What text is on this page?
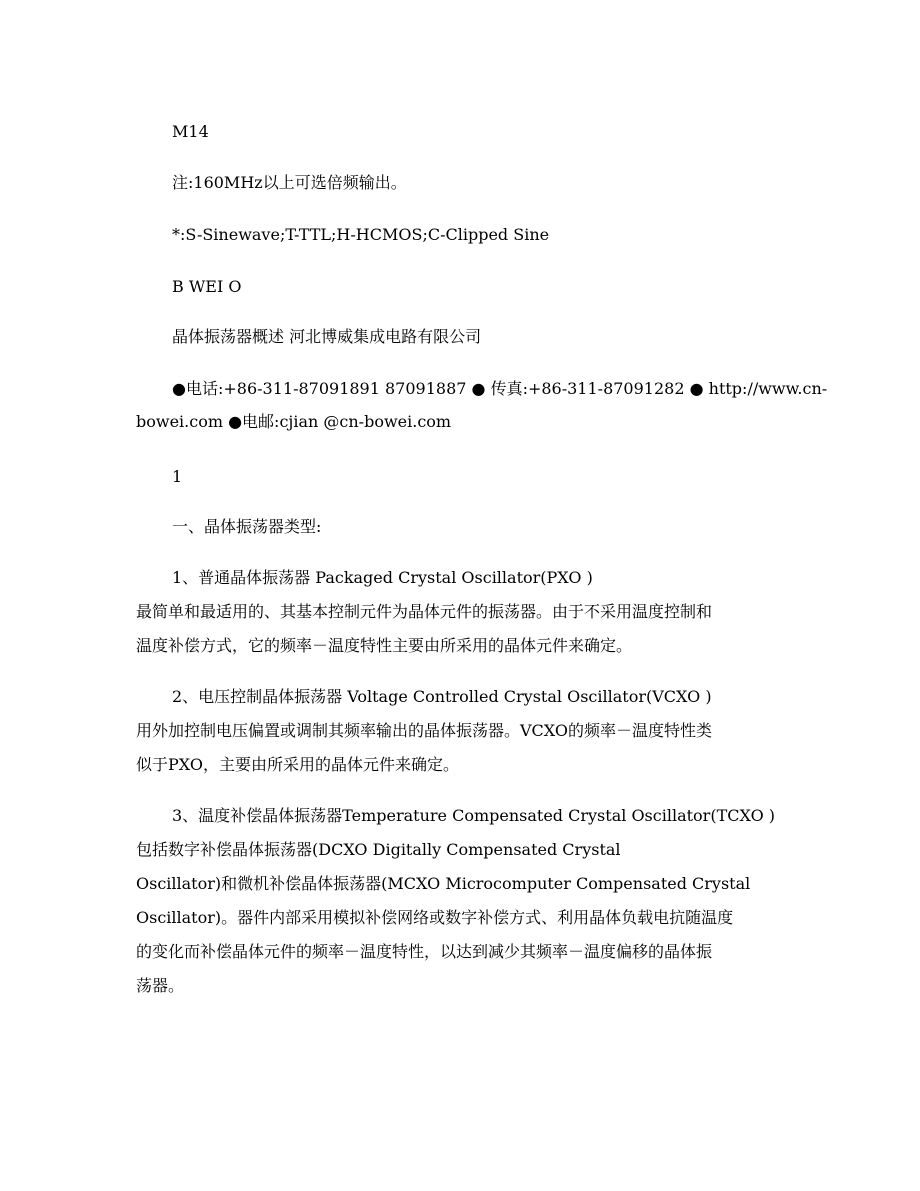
M14
注:160MHz以上可选倍频输出。
*:S-Sinewave;T-TTL;H-HCMOS;C-Clipped Sine
B WEI O
晶体振荡器概述 河北博威集成电路有限公司
●电话:+86-311-87091891 87091887 ● 传真:+86-311-87091282 ● http://www.cn-
bowei.com ●电邮:cjian @cn-bowei.com
1
一、晶体振荡器类型:
1、普通晶体振荡器 Packaged Crystal Oscillator(PXO )
最简单和最适用的、其基本控制元件为晶体元件的振荡器。由于不采用温度控制和
温度补偿方式，它的频率－温度特性主要由所采用的晶体元件来确定。
2、电压控制晶体振荡器 Voltage Controlled Crystal Oscillator(VCXO )
用外加控制电压偏置或调制其频率输出的晶体振荡器。VCXO的频率－温度特性类
似于PXO，主要由所采用的晶体元件来确定。
3、温度补偿晶体振荡器Temperature Compensated Crystal Oscillator(TCXO )
包括数字补偿晶体振荡器(DCXO Digitally Compensated Crystal
Oscillator)和微机补偿晶体振荡器(MCXO Microcomputer Compensated Crystal
Oscillator)。器件内部采用模拟补偿网络或数字补偿方式、利用晶体负载电抗随温度
的变化而补偿晶体元件的频率－温度特性，以达到减少其频率－温度偏移的晶体振
荡器。
